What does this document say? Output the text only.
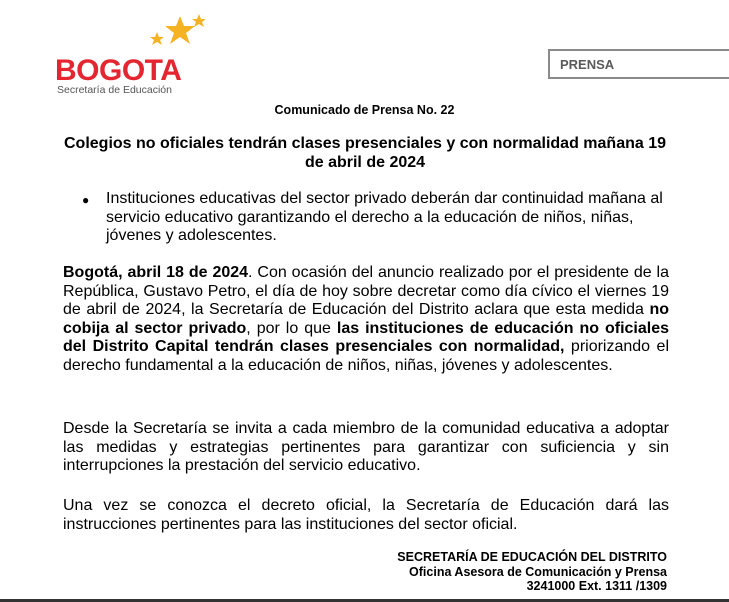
BOGOTA
Secretaría de Educación
PRENSA
Comunicado de Prensa No. 22
Colegios no oficiales tendrán clases presenciales y con normalidad mañana 19 de abril de 2024
●	Instituciones educativas del sector privado deberán dar continuidad mañana al servicio educativo garantizando el derecho a la educación de niños, niñas, jóvenes y adolescentes.
Bogotá, abril 18 de 2024. Con ocasión del anuncio realizado por el presidente de la República, Gustavo Petro, el día de hoy sobre decretar como día cívico el viernes 19 de abril de 2024, la Secretaría de Educación del Distrito aclara que esta medida no cobija al sector privado, por lo que las instituciones de educación no oficiales del Distrito Capital tendrán clases presenciales con normalidad, priorizando el derecho fundamental a la educación de niños, niñas, jóvenes y adolescentes.
Desde la Secretaría se invita a cada miembro de la comunidad educativa a adoptar las medidas y estrategias pertinentes para garantizar con suficiencia y sin interrupciones la prestación del servicio educativo.
Una vez se conozca el decreto oficial, la Secretaría de Educación dará las instrucciones pertinentes para las instituciones del sector oficial.
SECRETARÍA DE EDUCACIÓN DEL DISTRITO
Oficina Asesora de Comunicación y Prensa
3241000 Ext. 1311 /1309
